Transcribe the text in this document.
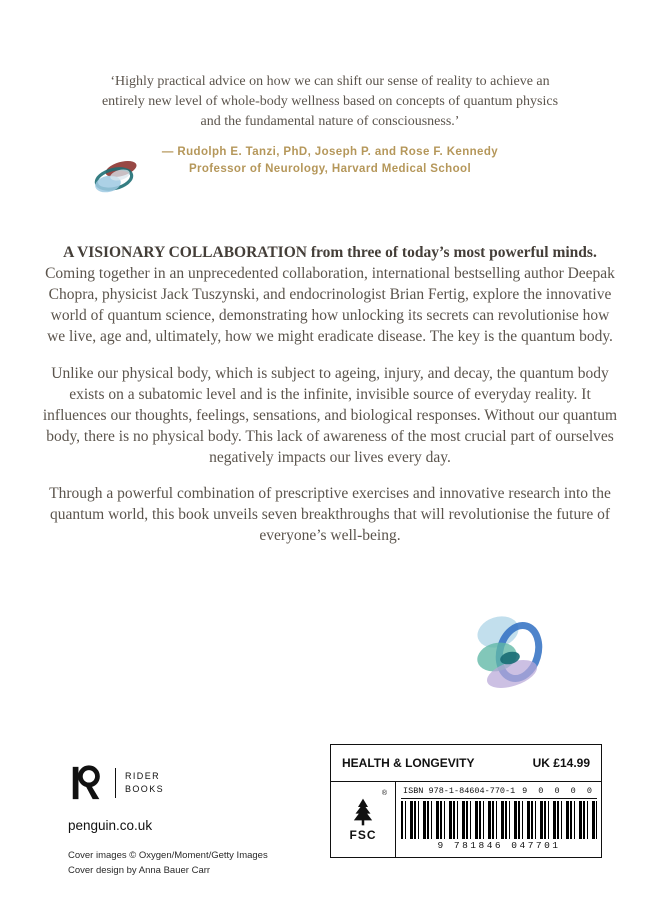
‘Highly practical advice on how we can shift our sense of reality to achieve an entirely new level of whole-body wellness based on concepts of quantum physics and the fundamental nature of consciousness.’
— Rudolph E. Tanzi, PhD, Joseph P. and Rose F. Kennedy
Professor of Neurology, Harvard Medical School

A VISIONARY COLLABORATION from three of today’s most powerful minds. Coming together in an unprecedented collaboration, international bestselling author Deepak Chopra, physicist Jack Tuszynski, and endocrinologist Brian Fertig, explore the innovative world of quantum science, demonstrating how unlocking its secrets can revolutionise how we live, age and, ultimately, how we might eradicate disease. The key is the quantum body.

Unlike our physical body, which is subject to ageing, injury, and decay, the quantum body exists on a subatomic level and is the infinite, invisible source of everyday reality. It influences our thoughts, feelings, sensations, and biological responses. Without our quantum body, there is no physical body. This lack of awareness of the most crucial part of ourselves negatively impacts our lives every day.

Through a powerful combination of prescriptive exercises and innovative research into the quantum world, this book unveils seven breakthroughs that will revolutionise the future of everyone’s well-being.

RIDER
BOOKS
penguin.co.uk
Cover images © Oxygen/Moment/Getty Images
Cover design by Anna Bauer Carr
HEALTH & LONGEVITY	UK £14.99
®
FSC
ISBN 978-1-84604-770-1 9 0 0 0 0
9 781846 047701
